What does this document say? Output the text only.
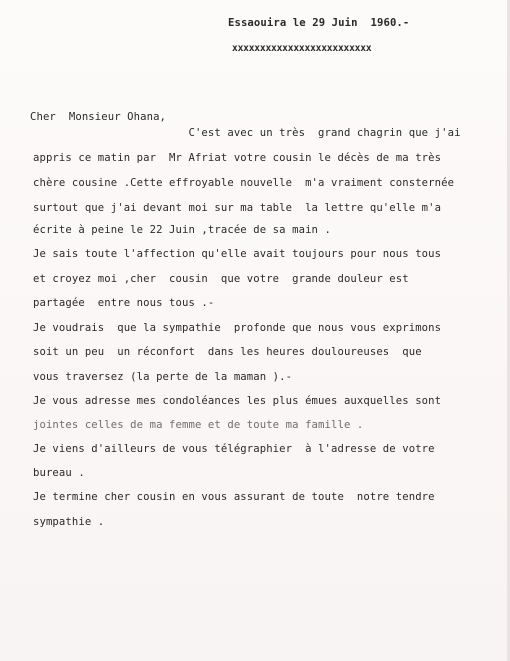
Essaouira le 29 Juin  1960.-
xxxxxxxxxxxxxxxxxxxxxxxxx
Cher  Monsieur Ohana,
C'est avec un très  grand chagrin que j'ai
appris ce matin par  Mr Afriat votre cousin le décès de ma très
chère cousine .Cette effroyable nouvelle  m'a vraiment consternée
surtout que j'ai devant moi sur ma table  la lettre qu'elle m'a
écrite à peine le 22 Juin ,tracée de sa main .
Je sais toute l'affection qu'elle avait toujours pour nous tous
et croyez moi ,cher  cousin  que votre  grande douleur est
partagée  entre nous tous .-
Je voudrais  que la sympathie  profonde que nous vous exprimons
soit un peu  un réconfort  dans les heures douloureuses  que
vous traversez (la perte de la maman ).-
Je vous adresse mes condoléances les plus émues auxquelles sont
jointes celles de ma femme et de toute ma famille .
Je viens d'ailleurs de vous télégraphier  à l'adresse de votre
bureau .
Je termine cher cousin en vous assurant de toute  notre tendre
sympathie .
